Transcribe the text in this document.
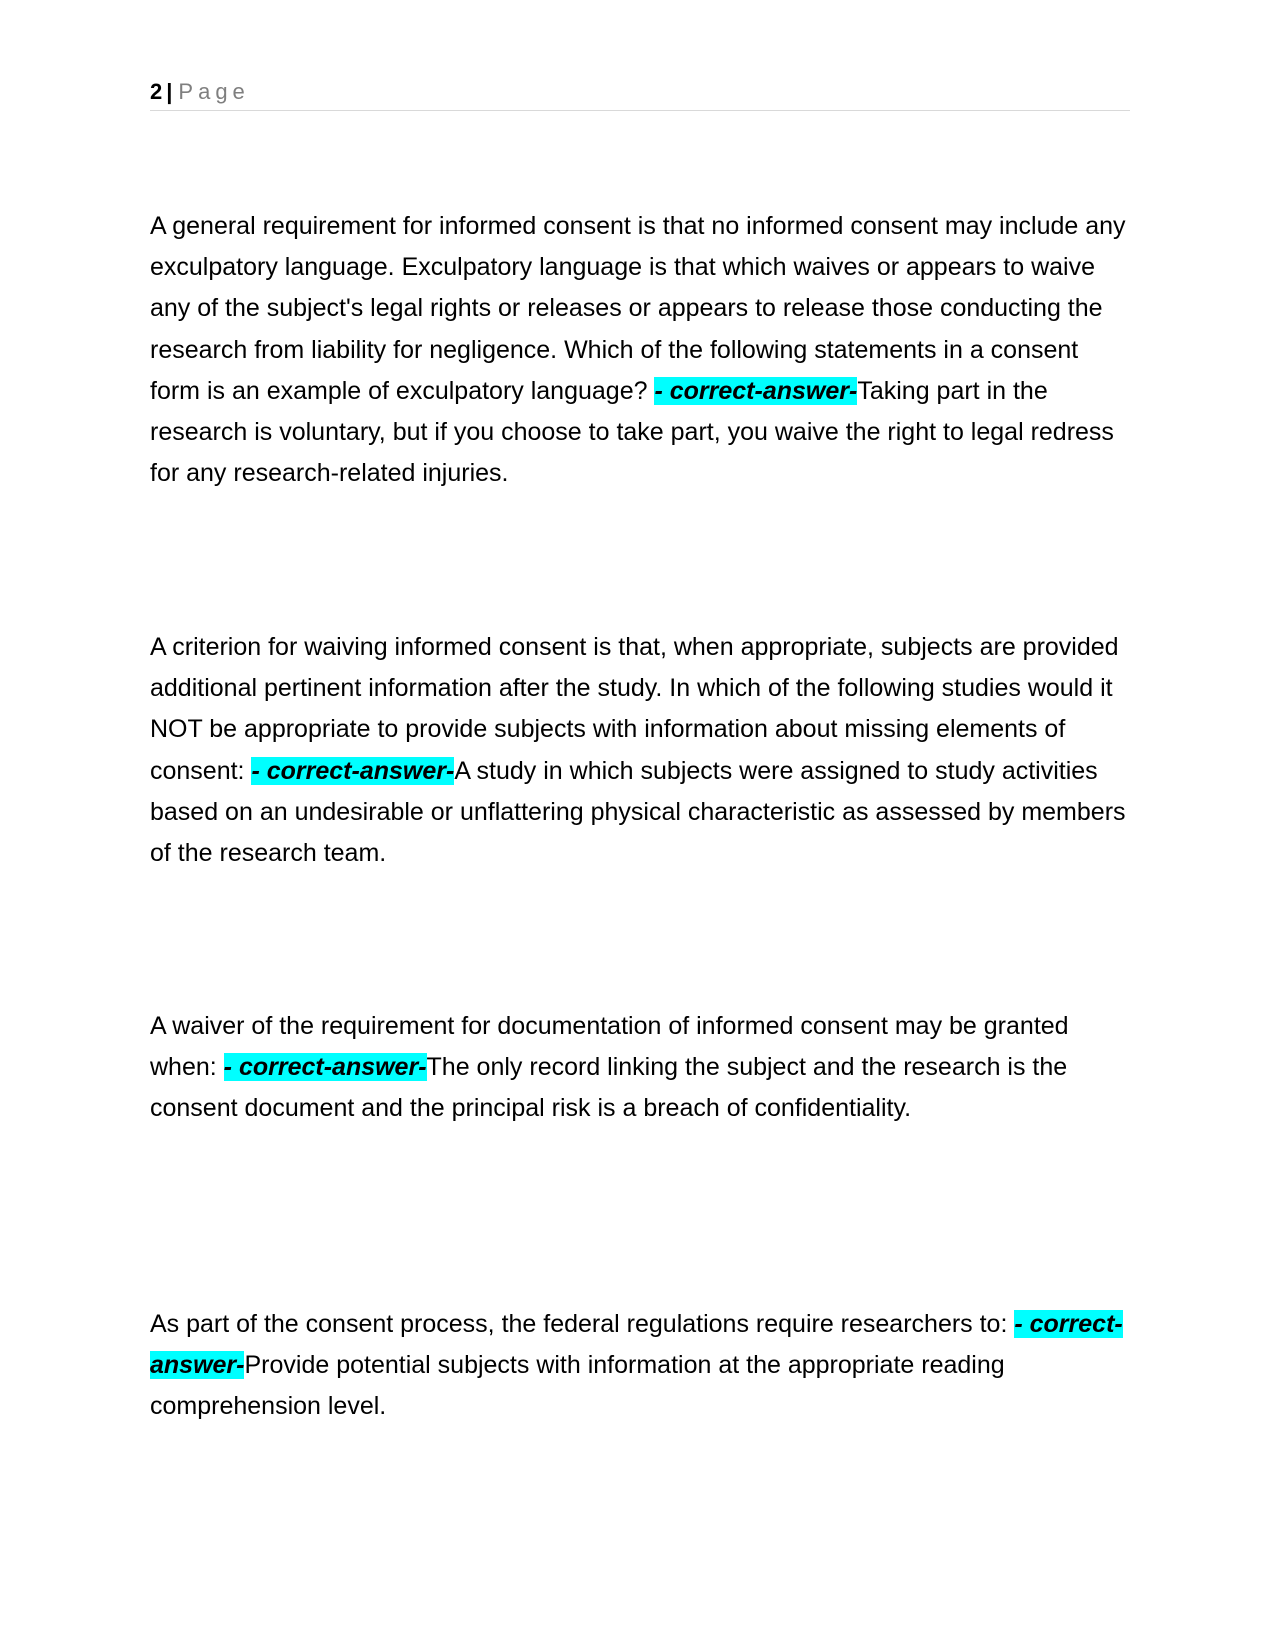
2 | Page

A general requirement for informed consent is that no informed consent may include any exculpatory language. Exculpatory language is that which waives or appears to waive any of the subject's legal rights or releases or appears to release those conducting the research from liability for negligence. Which of the following statements in a consent form is an example of exculpatory language? - correct-answer-Taking part in the research is voluntary, but if you choose to take part, you waive the right to legal redress for any research-related injuries.

A criterion for waiving informed consent is that, when appropriate, subjects are provided additional pertinent information after the study. In which of the following studies would it NOT be appropriate to provide subjects with information about missing elements of consent: - correct-answer-A study in which subjects were assigned to study activities based on an undesirable or unflattering physical characteristic as assessed by members of the research team.

A waiver of the requirement for documentation of informed consent may be granted when: - correct-answer-The only record linking the subject and the research is the consent document and the principal risk is a breach of confidentiality.

As part of the consent process, the federal regulations require researchers to: - correct-answer-Provide potential subjects with information at the appropriate reading comprehension level.
